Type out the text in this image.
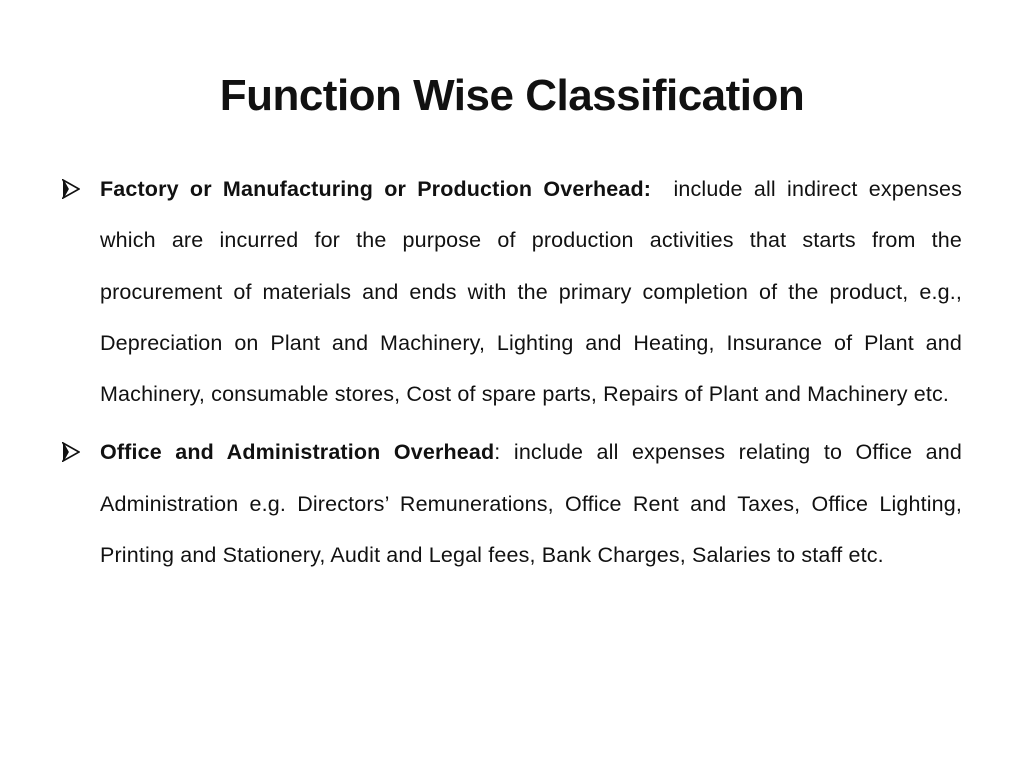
Function Wise Classification
Factory or Manufacturing or Production Overhead: include all indirect expenses which are incurred for the purpose of production activities that starts from the procurement of materials and ends with the primary completion of the product, e.g., Depreciation on Plant and Machinery, Lighting and Heating, Insurance of Plant and Machinery, consumable stores, Cost of spare parts, Repairs of Plant and Machinery etc.
Office and Administration Overhead: include all expenses relating to Office and Administration e.g. Directors’ Remunerations, Office Rent and Taxes, Office Lighting, Printing and Stationery, Audit and Legal fees, Bank Charges, Salaries to staff etc.
